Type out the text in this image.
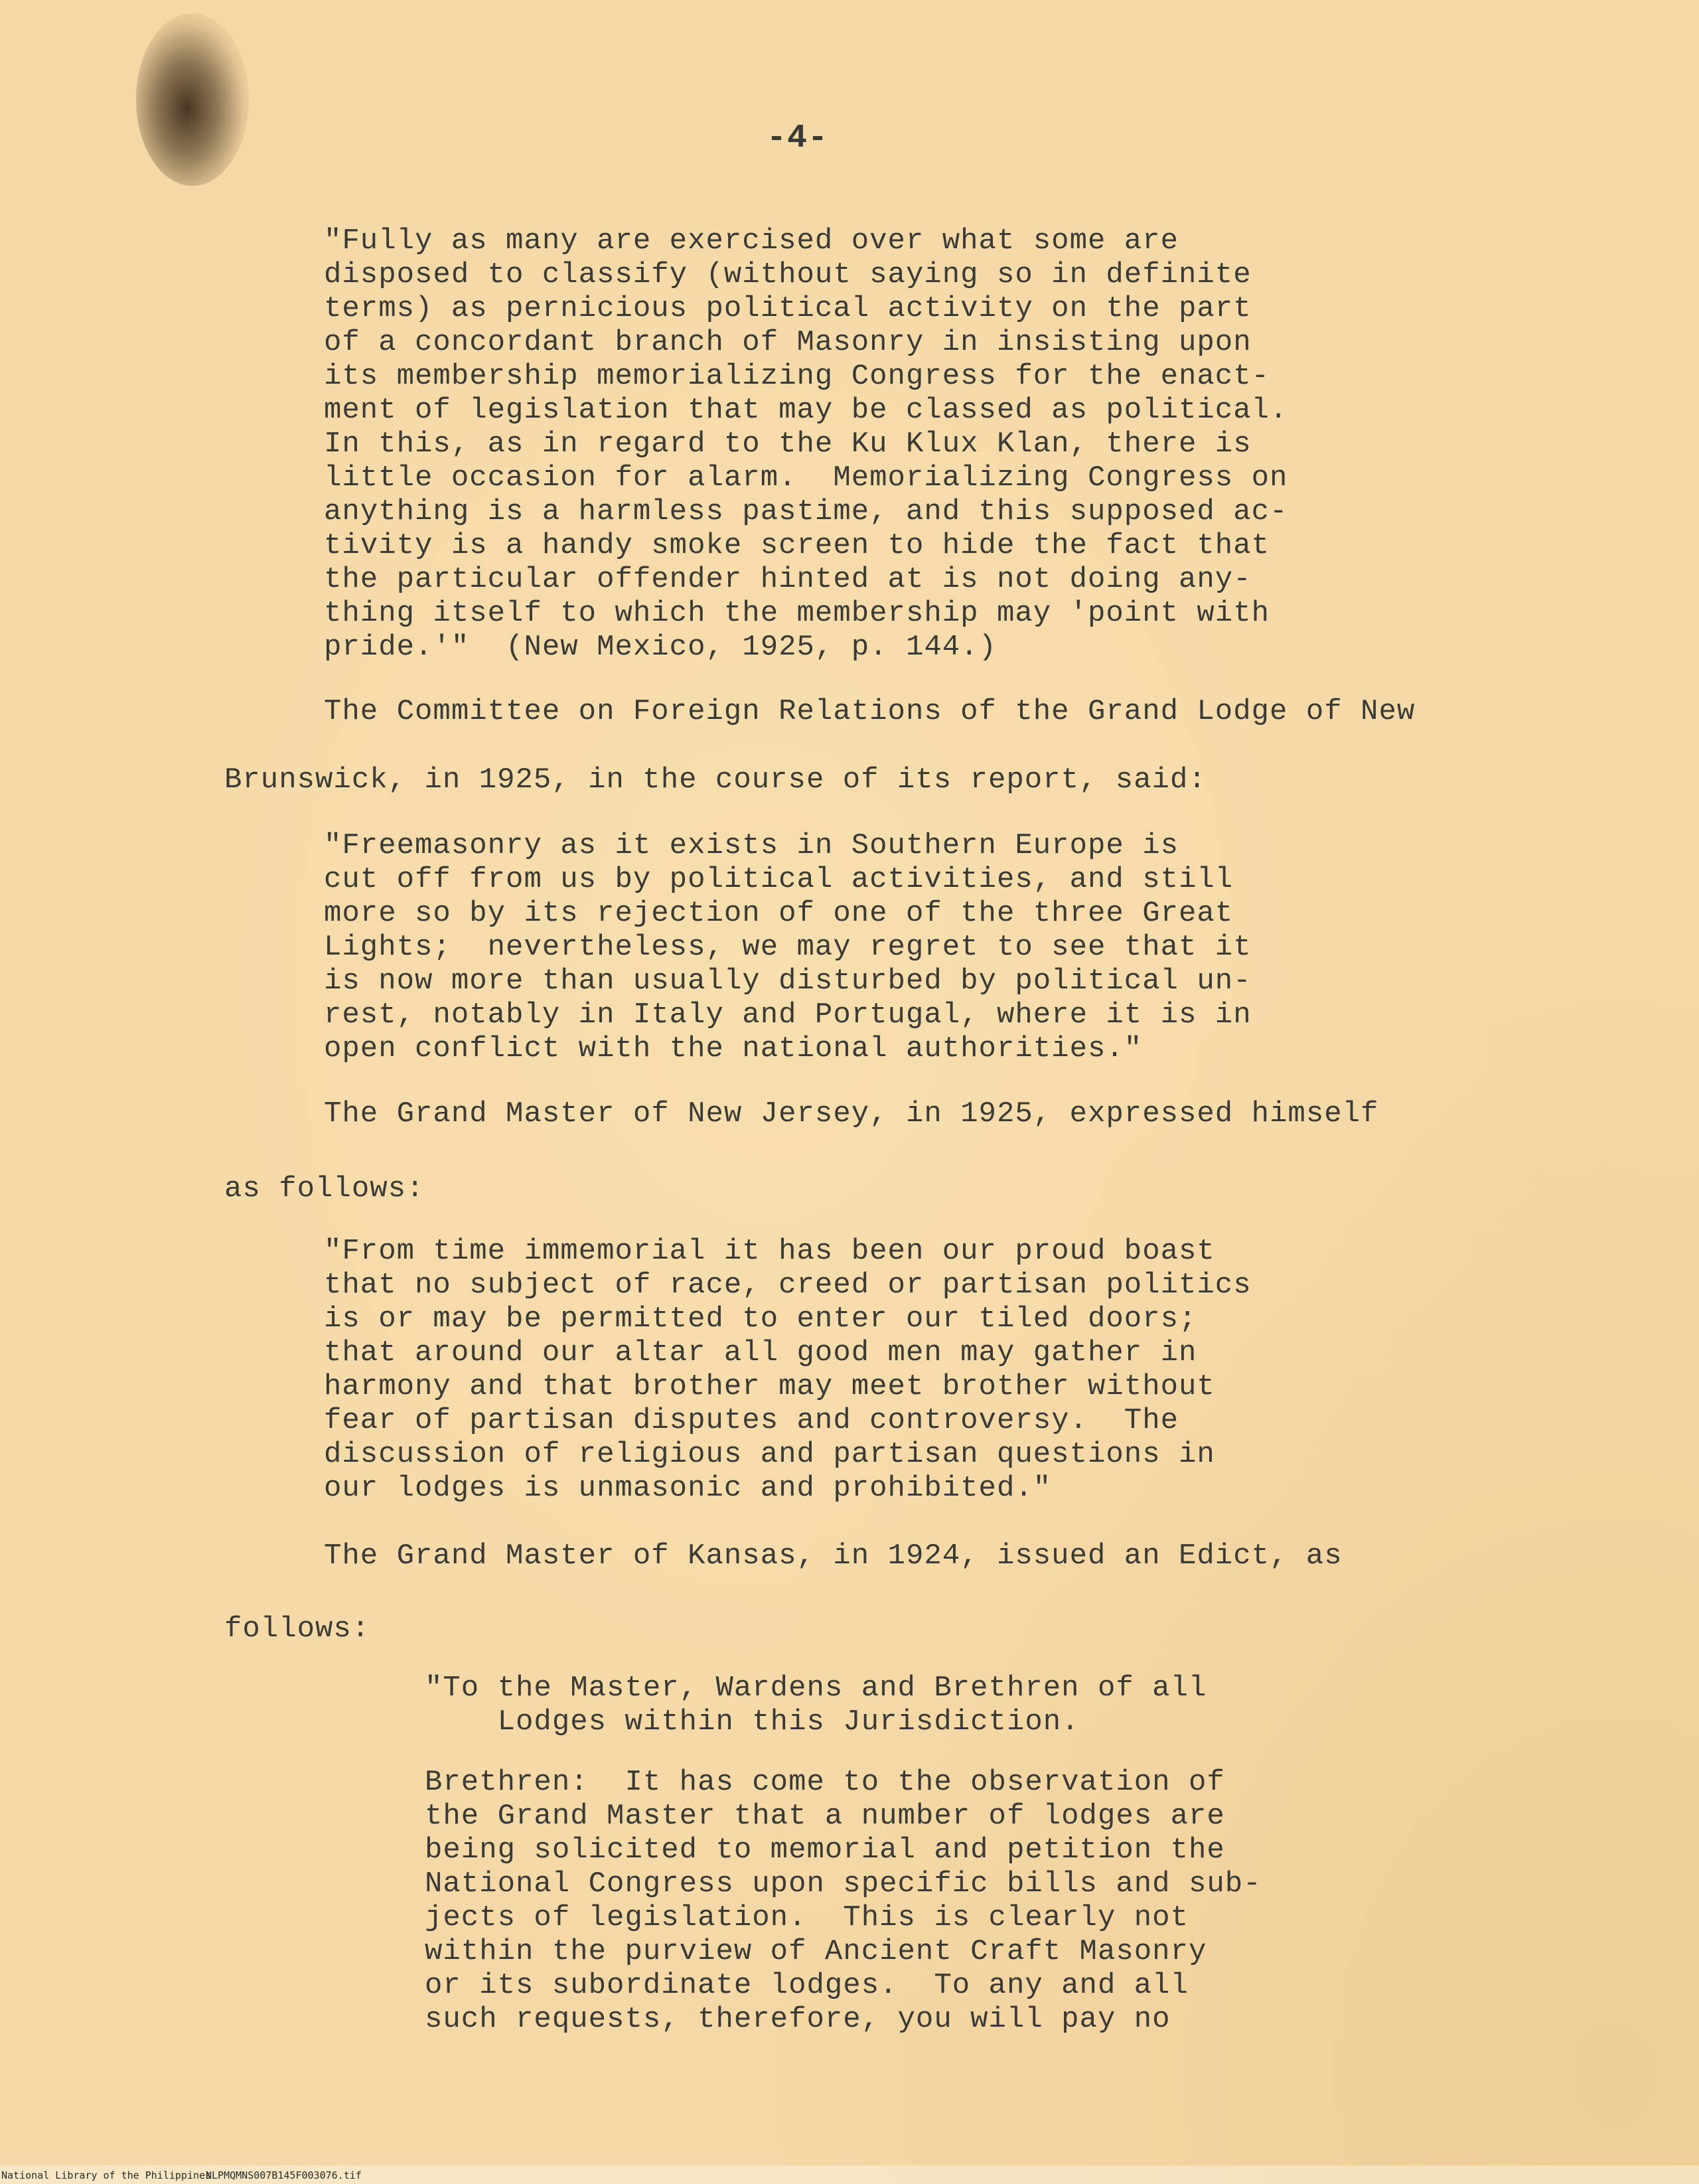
-4-

"Fully as many are exercised over what some are
disposed to classify (without saying so in definite
terms) as pernicious political activity on the part
of a concordant branch of Masonry in insisting upon
its membership memorializing Congress for the enact-
ment of legislation that may be classed as political.
In this, as in regard to the Ku Klux Klan, there is
little occasion for alarm.  Memorializing Congress on
anything is a harmless pastime, and this supposed ac-
tivity is a handy smoke screen to hide the fact that
the particular offender hinted at is not doing any-
thing itself to which the membership may 'point with
pride.'"  (New Mexico, 1925, p. 144.)

The Committee on Foreign Relations of the Grand Lodge of New

Brunswick, in 1925, in the course of its report, said:

"Freemasonry as it exists in Southern Europe is
cut off from us by political activities, and still
more so by its rejection of one of the three Great
Lights;  nevertheless, we may regret to see that it
is now more than usually disturbed by political un-
rest, notably in Italy and Portugal, where it is in
open conflict with the national authorities."

The Grand Master of New Jersey, in 1925, expressed himself

as follows:

"From time immemorial it has been our proud boast
that no subject of race, creed or partisan politics
is or may be permitted to enter our tiled doors;
that around our altar all good men may gather in
harmony and that brother may meet brother without
fear of partisan disputes and controversy.  The
discussion of religious and partisan questions in
our lodges is unmasonic and prohibited."

The Grand Master of Kansas, in 1924, issued an Edict, as

follows:

"To the Master, Wardens and Brethren of all
Lodges within this Jurisdiction.

Brethren:  It has come to the observation of
the Grand Master that a number of lodges are
being solicited to memorial and petition the
National Congress upon specific bills and sub-
jects of legislation.  This is clearly not
within the purview of Ancient Craft Masonry
or its subordinate lodges.  To any and all
such requests, therefore, you will pay no

National Library of the Philippines
NLPMQMNS007B145F003076.tif
